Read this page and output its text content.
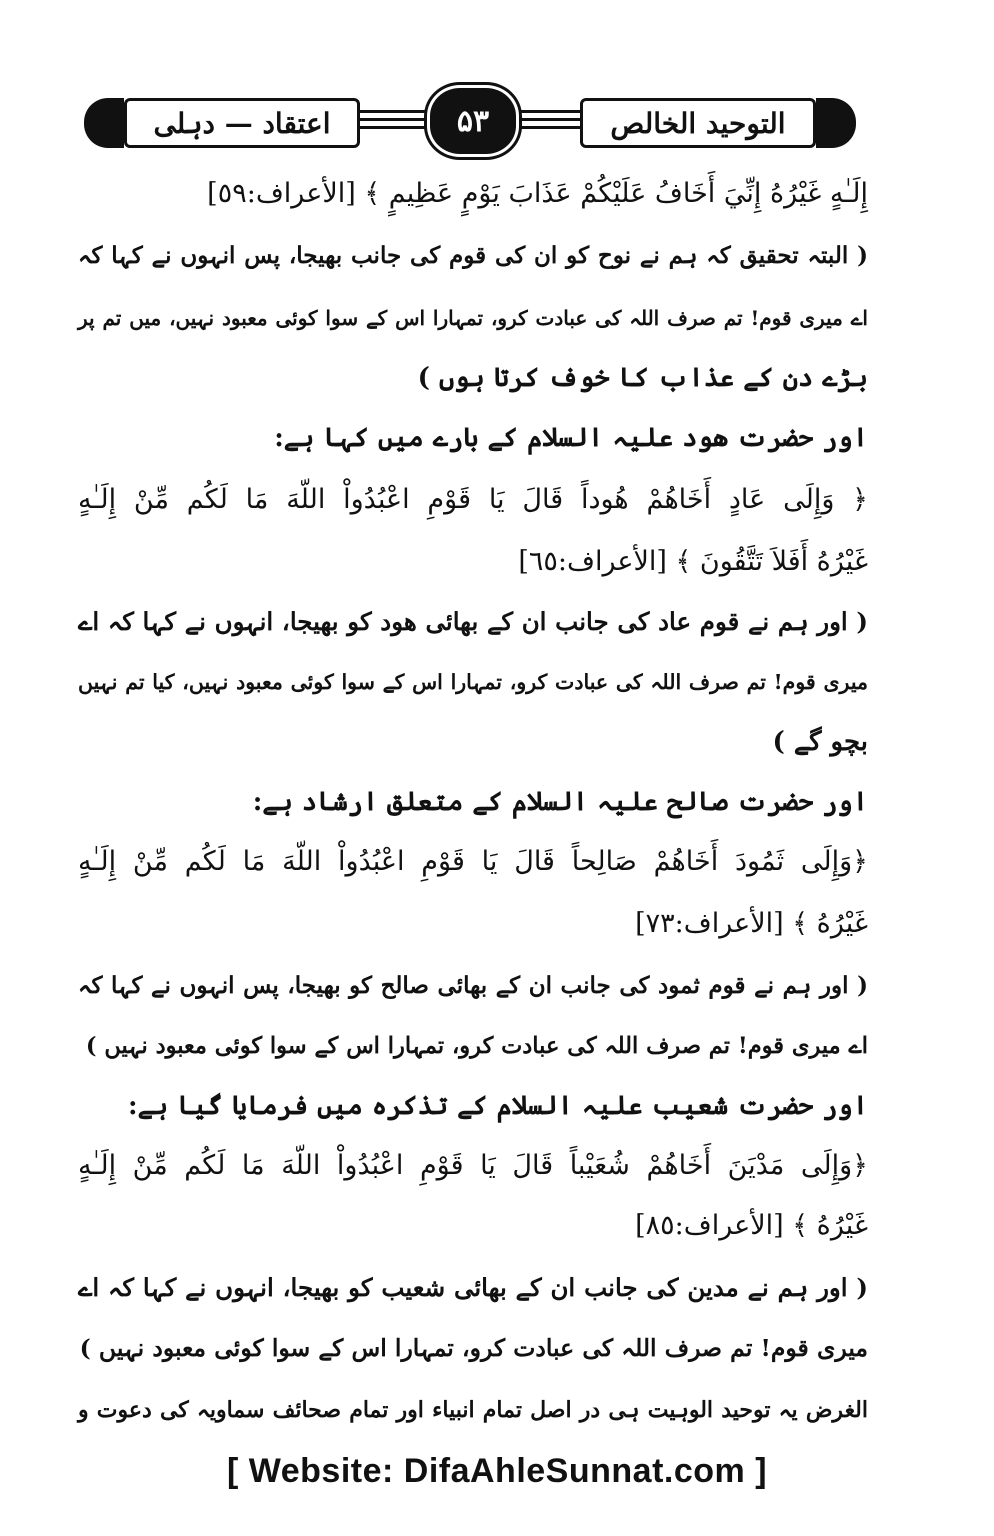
التوحید الخالص
اعتقاد — دہلی	۵۳
إِلَـٰهٍ غَيْرُهُ إِنِّيَ أَخَافُ عَلَيْكُمْ عَذَابَ يَوْمٍ عَظِيمٍ ﴾ [الأعراف:٥٩]
( البتہ تحقیق کہ ہم نے نوح کو ان کی قوم کی جانب بھیجا، پس انہوں نے کہا کہ
اے میری قوم! تم صرف اللہ کی عبادت کرو، تمہارا اس کے سوا کوئی معبود نہیں، میں تم پر
بڑے دن کے عذاب کا خوف کرتا ہوں )
اور حضرت ھود علیہ السلام کے بارے میں کہا ہے:
﴿ وَإِلَى عَادٍ أَخَاهُمْ هُوداً قَالَ يَا قَوْمِ اعْبُدُواْ اللّهَ مَا لَكُم مِّنْ إِلَـٰهٍ
غَيْرُهُ أَفَلاَ تَتَّقُونَ ﴾ [الأعراف:٦٥]
( اور ہم نے قوم عاد کی جانب ان کے بھائی ھود کو بھیجا، انہوں نے کہا کہ اے
میری قوم! تم صرف اللہ کی عبادت کرو، تمہارا اس کے سوا کوئی معبود نہیں، کیا تم نہیں
بچو گے )
اور حضرت صالح علیہ السلام کے متعلق ارشاد ہے:
﴿وَإِلَى ثَمُودَ أَخَاهُمْ صَالِحاً قَالَ يَا قَوْمِ اعْبُدُواْ اللّهَ مَا لَكُم مِّنْ إِلَـٰهٍ
غَيْرُهُ ﴾ [الأعراف:٧٣]
( اور ہم نے قوم ثمود کی جانب ان کے بھائی صالح کو بھیجا، پس انہوں نے کہا کہ
اے میری قوم! تم صرف اللہ کی عبادت کرو، تمہارا اس کے سوا کوئی معبود نہیں )
اور حضرت شعیب علیہ السلام کے تذکرہ میں فرمایا گیا ہے:
﴿وَإِلَى مَدْيَنَ أَخَاهُمْ شُعَيْباً قَالَ يَا قَوْمِ اعْبُدُواْ اللّهَ مَا لَكُم مِّنْ إِلَـٰهٍ
غَيْرُهُ ﴾ [الأعراف:٨٥]
( اور ہم نے مدین کی جانب ان کے بھائی شعیب کو بھیجا، انہوں نے کہا کہ اے
میری قوم! تم صرف اللہ کی عبادت کرو، تمہارا اس کے سوا کوئی معبود نہیں )
الغرض یہ توحید الوہیت ہی در اصل تمام انبیاء اور تمام صحائف سماویہ کی دعوت و
[ Website: DifaAhleSunnat.com ]
